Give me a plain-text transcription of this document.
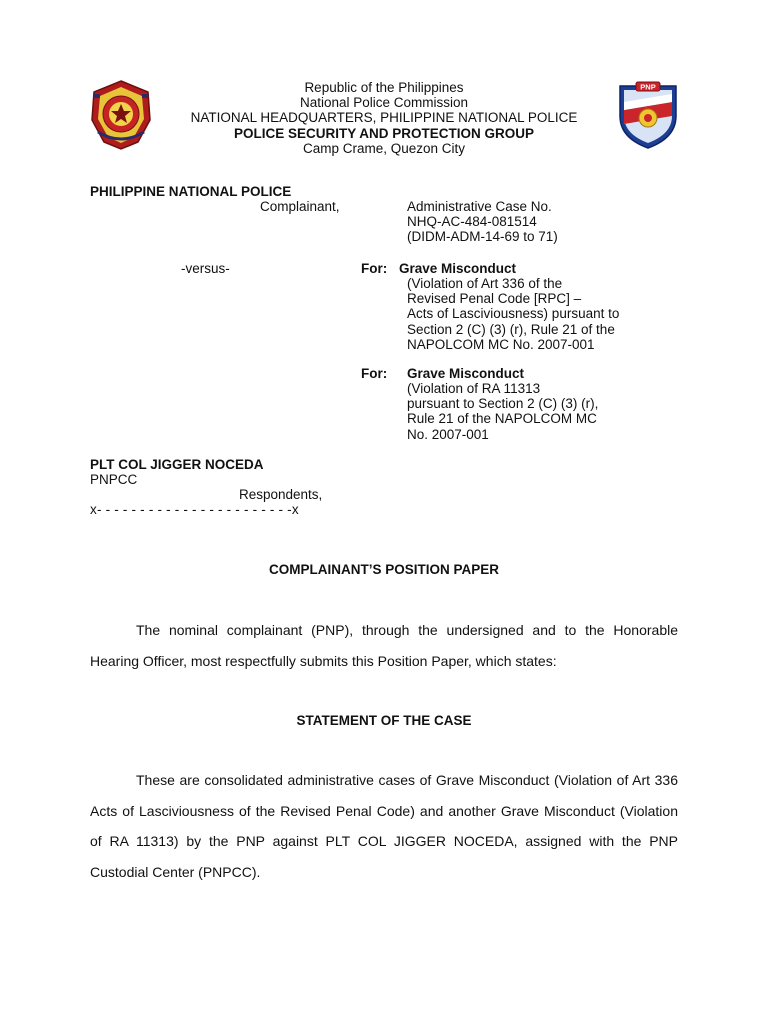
PNP
Republic of the Philippines
National Police Commission
NATIONAL HEADQUARTERS, PHILIPPINE NATIONAL POLICE
POLICE SECURITY AND PROTECTION GROUP
Camp Crame, Quezon City
PHILIPPINE NATIONAL POLICE
Complainant,	Administrative Case No.
NHQ-AC-484-081514
(DIDM-ADM-14-69 to 71)
-versus-	For: Grave Misconduct
(Violation of Art 336 of the
Revised Penal Code [RPC] –
Acts of Lasciviousness) pursuant to
Section 2 (C) (3) (r), Rule 21 of the
NAPOLCOM MC No. 2007-001
For: Grave Misconduct
(Violation of RA 11313
pursuant to Section 2 (C) (3) (r),
Rule 21 of the NAPOLCOM MC
No. 2007-001
PLT COL JIGGER NOCEDA
PNPCC
Respondents,
x- - - - - - - - - - - - - - - - - - - - - - -x
COMPLAINANT’S POSITION PAPER
The nominal complainant (PNP), through the undersigned and to the Honorable Hearing Officer, most respectfully submits this Position Paper, which states:
STATEMENT OF THE CASE
These are consolidated administrative cases of Grave Misconduct (Violation of Art 336 Acts of Lasciviousness of the Revised Penal Code) and another Grave Misconduct (Violation of RA 11313) by the PNP against PLT COL JIGGER NOCEDA, assigned with the PNP Custodial Center (PNPCC).
